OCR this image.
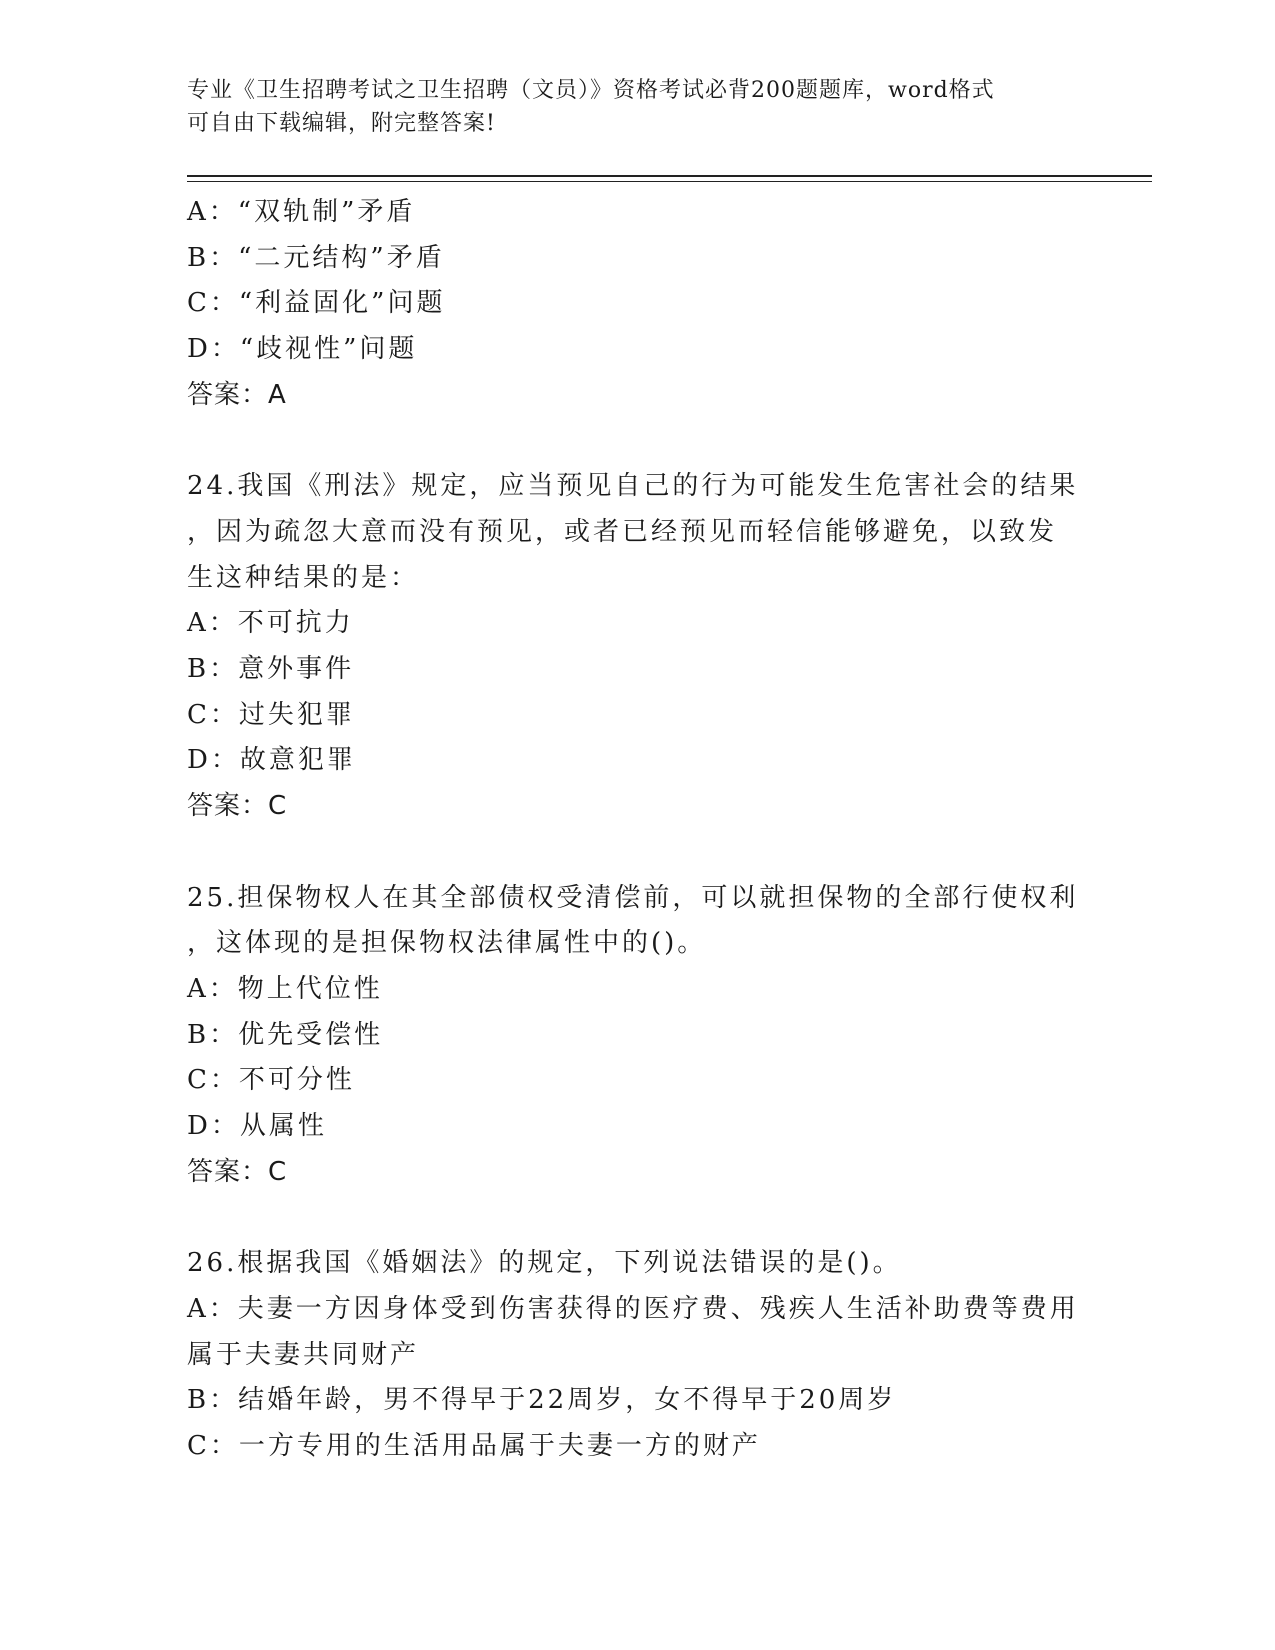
专业《卫生招聘考试之卫生招聘（文员）》资格考试必背200题题库，word格式
可自由下载编辑，附完整答案!
A：“双轨制”矛盾
B：“二元结构”矛盾
C：“利益固化”问题
D：“歧视性”问题
答案：A
24.我国《刑法》规定，应当预见自己的行为可能发生危害社会的结果
，因为疏忽大意而没有预见，或者已经预见而轻信能够避免，以致发
生这种结果的是：
A：不可抗力
B：意外事件
C：过失犯罪
D：故意犯罪
答案：C
25.担保物权人在其全部债权受清偿前，可以就担保物的全部行使权利
，这体现的是担保物权法律属性中的()。
A：物上代位性
B：优先受偿性
C：不可分性
D：从属性
答案：C
26.根据我国《婚姻法》的规定，下列说法错误的是()。
A：夫妻一方因身体受到伤害获得的医疗费、残疾人生活补助费等费用
属于夫妻共同财产
B：结婚年龄，男不得早于22周岁，女不得早于20周岁
C：一方专用的生活用品属于夫妻一方的财产
